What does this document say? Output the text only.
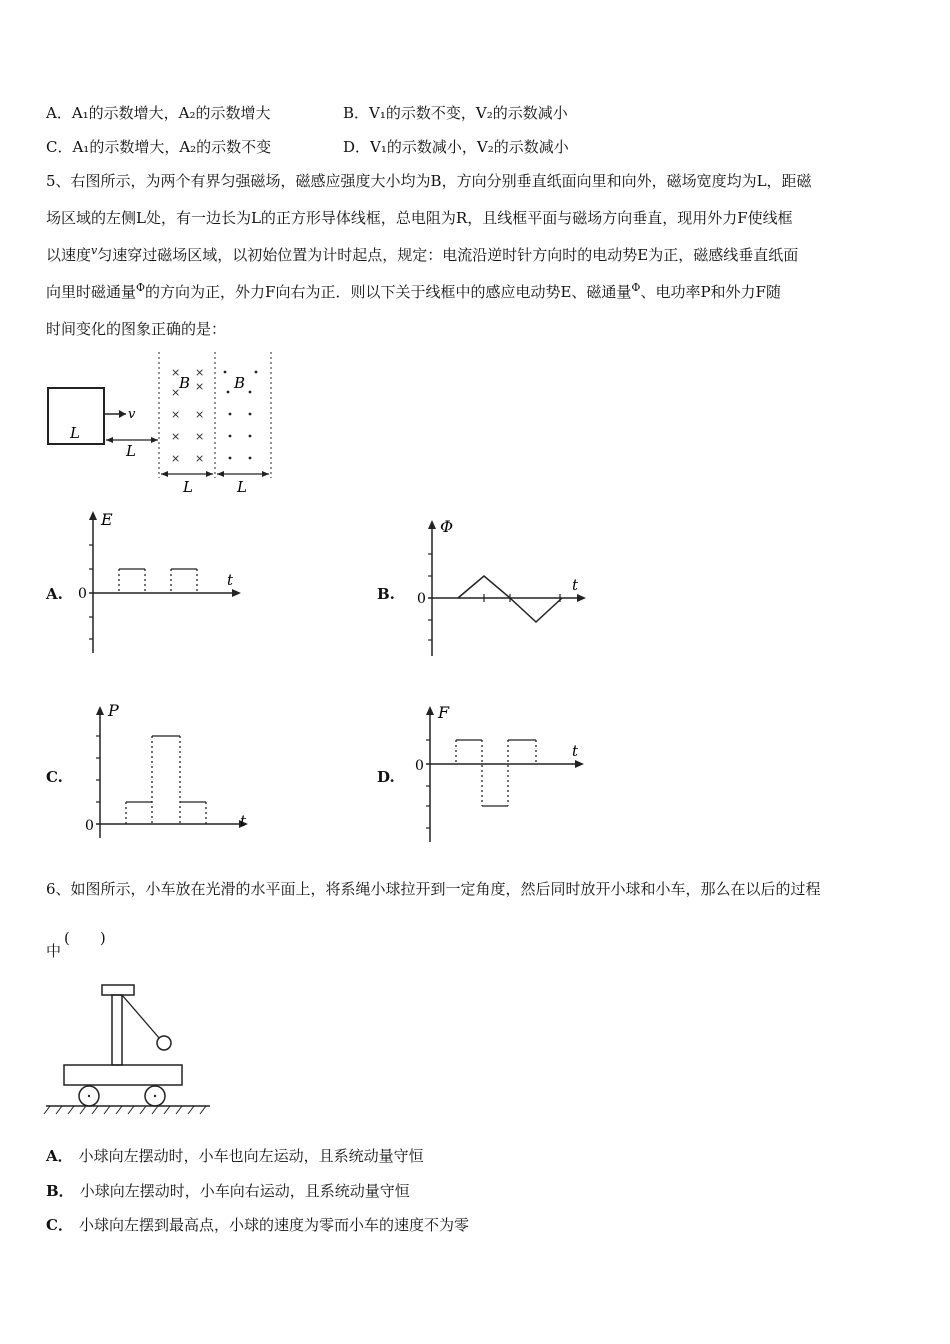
A．A₁的示数增大，A₂的示数增大	B．V₁的示数不变，V₂的示数减小
C．A₁的示数增大，A₂的示数不变	D．V₁的示数减小，V₂的示数减小
5、右图所示，为两个有界匀强磁场，磁感应强度大小均为B，方向分别垂直纸面向里和向外，磁场宽度均为L，距磁
场区域的左侧L处，有一边长为L的正方形导体线框，总电阻为R，且线框平面与磁场方向垂直，现用外力F使线框
以速度$^v$匀速穿过磁场区域，以初始位置为计时起点，规定：电流沿逆时针方向时的电动势E为正，磁感线垂直纸面
向里时磁通量$^\Phi$的方向为正，外力F向右为正．则以下关于线框中的感应电动势E、磁通量$^\Phi$、电功率P和外力F随
时间变化的图象正确的是：
L
v
L
× ×
× ×
× ×
× ×
× ×
B	B
L	L
A.
E
t
0	B.
Φ
t
0
C.
P
t
0
D.
F
t
0
6、如图所示，小车放在光滑的水平面上，将系绳小球拉开到一定角度，然后同时放开小球和小车，那么在以后的过程
中
(　　)
A． 小球向左摆动时，小车也向左运动，且系统动量守恒
B． 小球向左摆动时，小车向右运动，且系统动量守恒
C． 小球向左摆到最高点，小球的速度为零而小车的速度不为零
